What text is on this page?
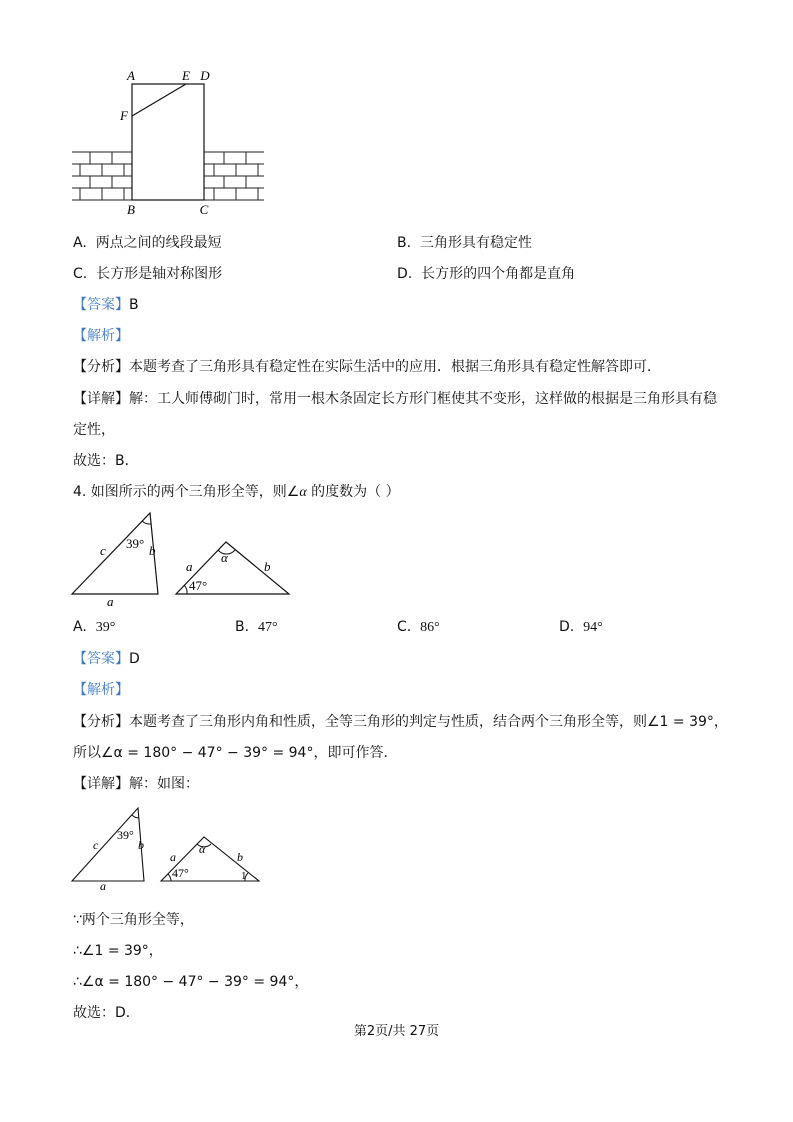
A	E D
F
B	C
A. 两点之间的线段最短	B. 三角形具有稳定性
C. 长方形是轴对称图形	D. 长方形的四个角都是直角
【答案】B
【解析】
【分析】本题考查了三角形具有稳定性在实际生活中的应用．根据三角形具有稳定性解答即可．
【详解】解：工人师傅砌门时，常用一根木条固定长方形门框使其不变形，这样做的根据是三角形具有稳
定性，
故选：B．
4. 如图所示的两个三角形全等，则∠α 的度数为（ ）
c 39° b
a
α
47°
a	b
A. 39°	B. 47°	C. 86°	D. 94°
【答案】D
【解析】
【分析】本题考查了三角形内角和性质，全等三角形的判定与性质，结合两个三角形全等，则∠1 = 39°，
所以∠α = 180° − 47° − 39° = 94°，即可作答．
【详解】解：如图：
c
39°
b
a
α
47°	1
a	b
∵两个三角形全等，
∴∠1 = 39°，
∴∠α = 180° − 47° − 39° = 94°，
故选：D．
第2页/共 27页
